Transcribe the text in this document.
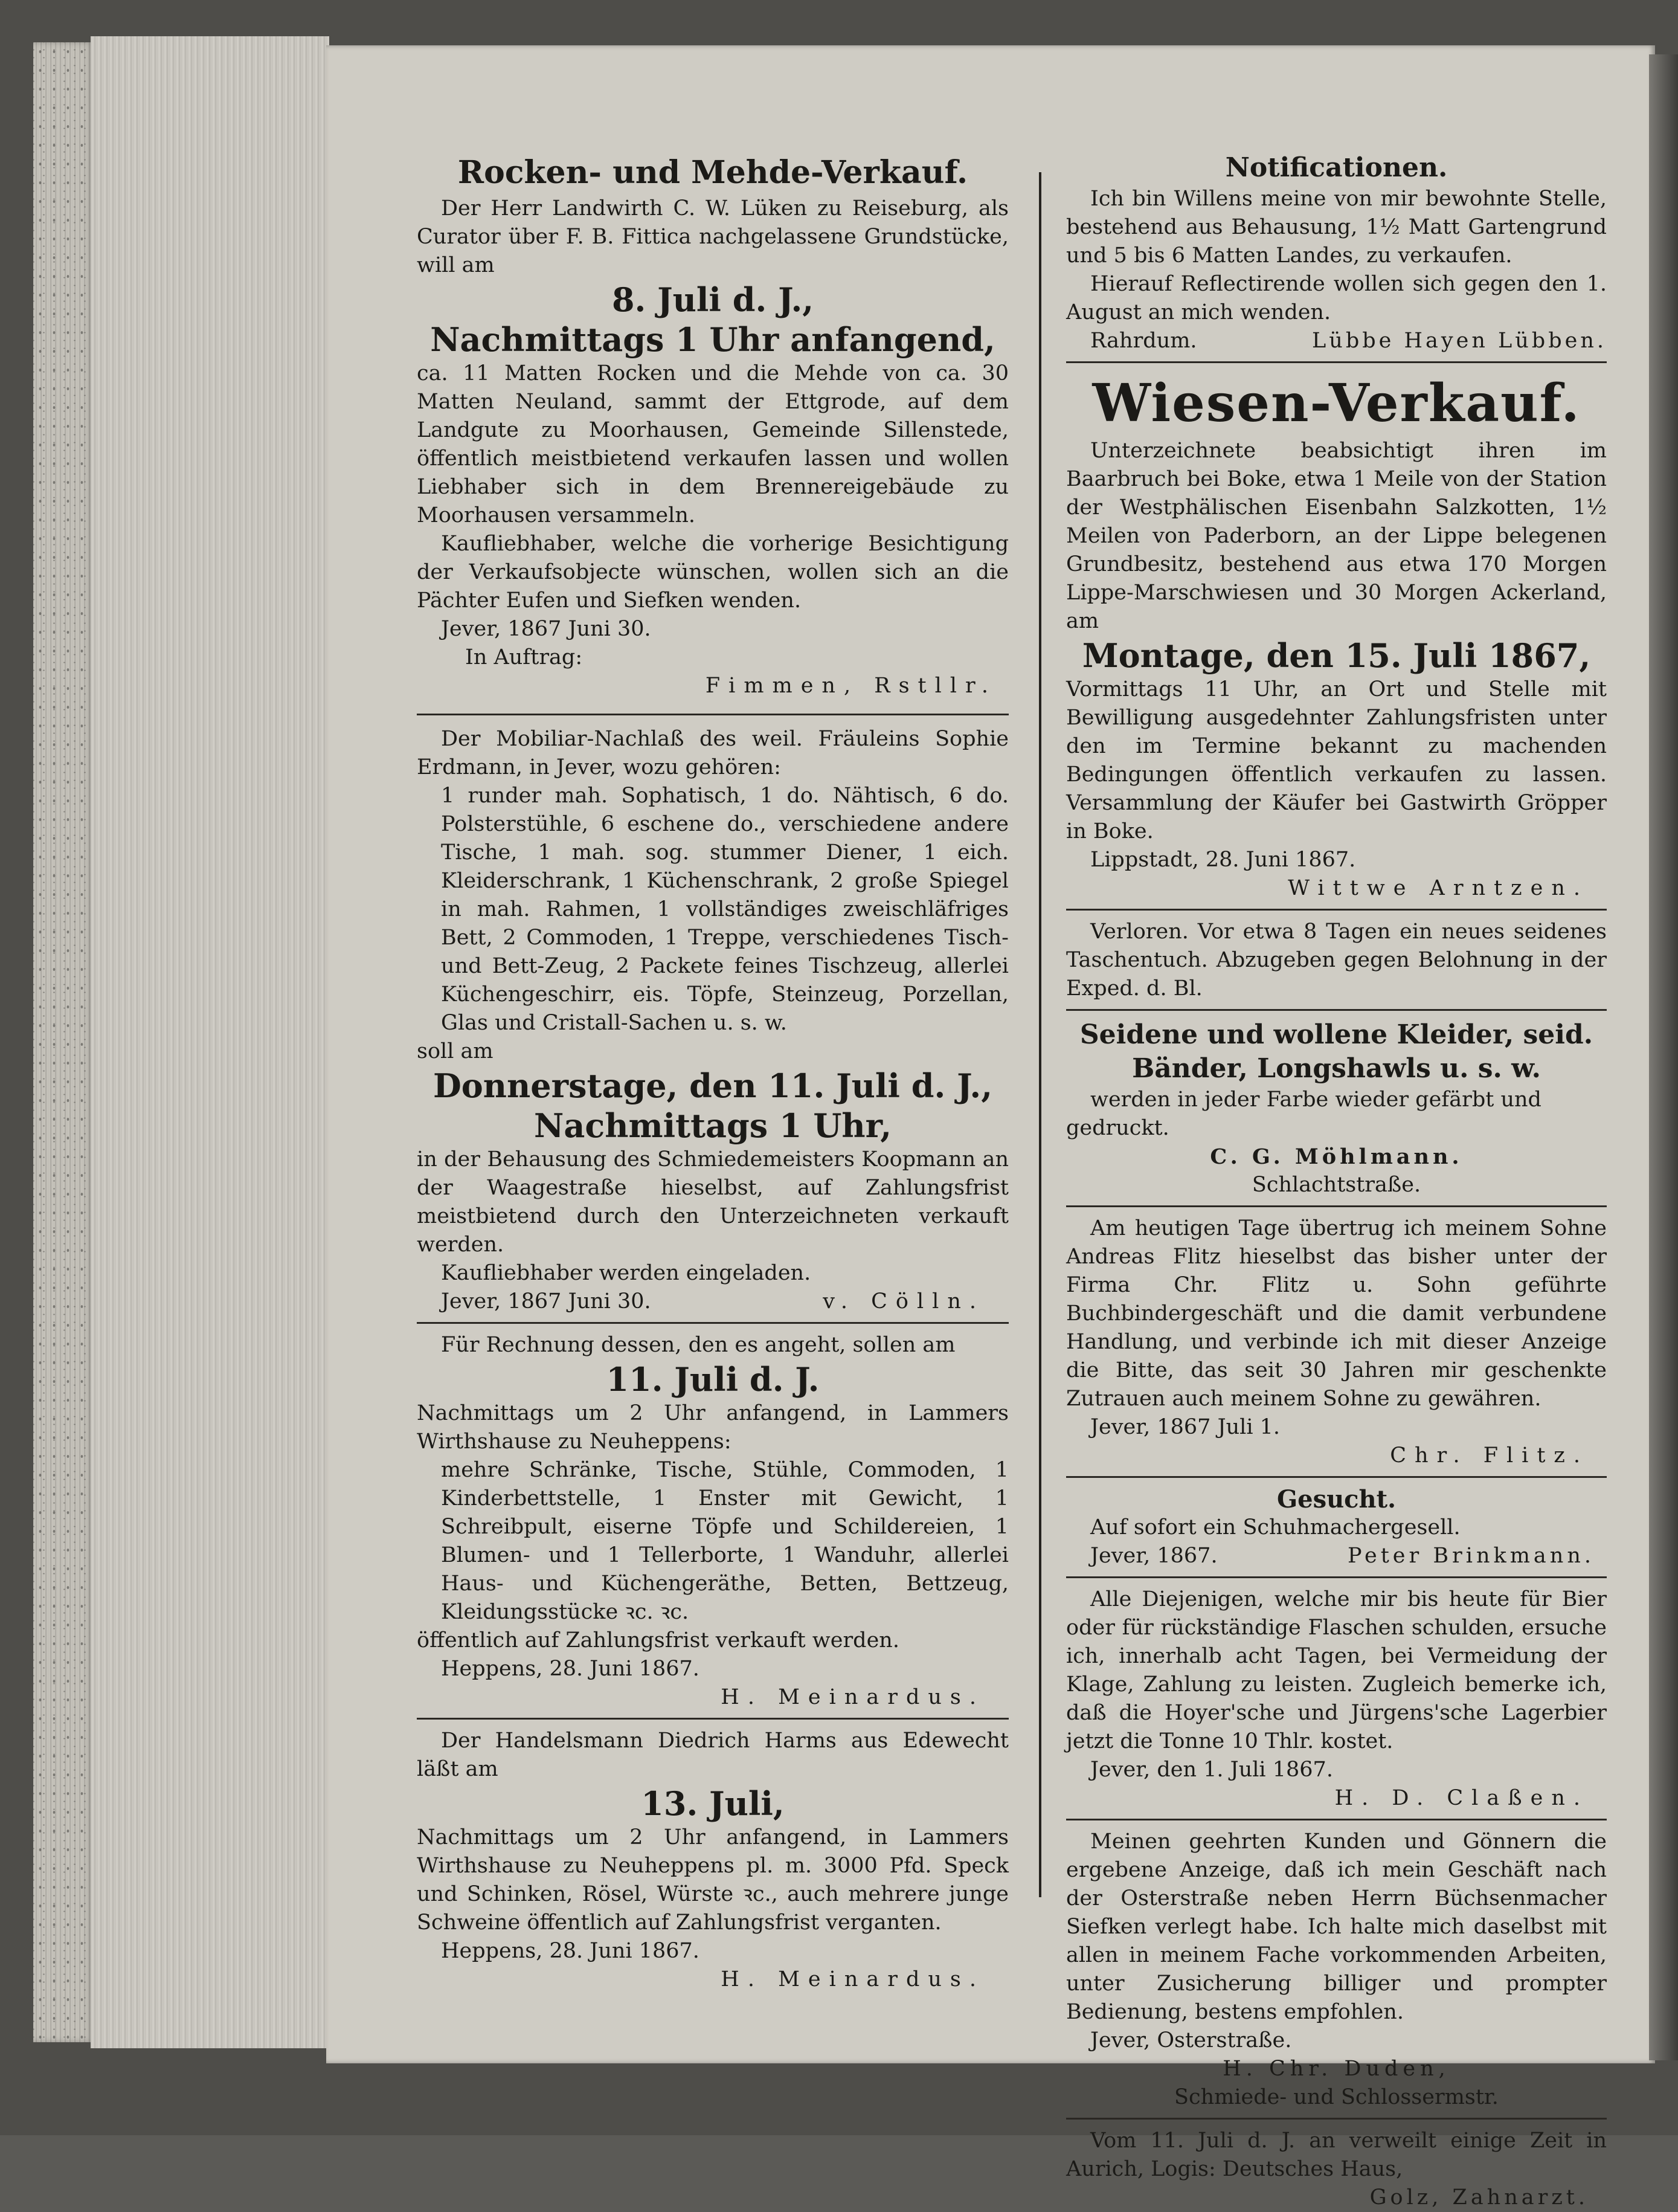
Rocken- und Mehde-Verkauf.

Der Herr Landwirth C. W. Lüken zu Reiseburg, als Curator über F. B. Fittica nachgelassene Grundstücke, will am

8. Juli d. J.,

Nachmittags 1 Uhr anfangend,

ca. 11 Matten Rocken und die Mehde von ca. 30 Matten Neuland, sammt der Ettgrode, auf dem Landgute zu Moorhausen, Gemeinde Sillenstede, öffentlich meistbietend verkaufen lassen und wollen Liebhaber sich in dem Brennereigebäude zu Moorhausen versammeln.

Kaufliebhaber, welche die vorherige Besichtigung der Verkaufsobjecte wünschen, wollen sich an die Pächter Eufen und Siefken wenden.

Jever, 1867 Juni 30.

In Auftrag:

Fimmen, Rstllr.

Der Mobiliar-Nachlaß des weil. Fräuleins Sophie Erdmann, in Jever, wozu gehören:

1 runder mah. Sophatisch, 1 do. Nähtisch, 6 do. Polsterstühle, 6 eschene do., verschiedene andere Tische, 1 mah. sog. stummer Diener, 1 eich. Kleiderschrank, 1 Küchenschrank, 2 große Spiegel in mah. Rahmen, 1 vollständiges zweischläfriges Bett, 2 Commoden, 1 Treppe, verschiedenes Tisch- und Bett-Zeug, 2 Packete feines Tischzeug, allerlei Küchengeschirr, eis. Töpfe, Steinzeug, Porzellan, Glas und Cristall-Sachen u. s. w.

soll am

Donnerstage, den 11. Juli d. J.,

Nachmittags 1 Uhr,

in der Behausung des Schmiedemeisters Koopmann an der Waagestraße hieselbst, auf Zahlungsfrist meistbietend durch den Unterzeichneten verkauft werden.

Kaufliebhaber werden eingeladen.

Jever, 1867 Juni 30.	v. Cölln.

Für Rechnung dessen, den es angeht, sollen am

11. Juli d. J.

Nachmittags um 2 Uhr anfangend, in Lammers Wirthshause zu Neuheppens:

mehre Schränke, Tische, Stühle, Commoden, 1 Kinderbettstelle, 1 Enster mit Gewicht, 1 Schreibpult, eiserne Töpfe und Schildereien, 1 Blumen- und 1 Tellerborte, 1 Wanduhr, allerlei Haus- und Küchengeräthe, Betten, Bettzeug, Kleidungsstücke ꝛc. ꝛc.

öffentlich auf Zahlungsfrist verkauft werden.

Heppens, 28. Juni 1867.

H. Meinardus.

Der Handelsmann Diedrich Harms aus Edewecht läßt am

13. Juli,

Nachmittags um 2 Uhr anfangend, in Lammers Wirthshause zu Neuheppens pl. m. 3000 Pfd. Speck und Schinken, Rösel, Würste ꝛc., auch mehrere junge Schweine öffentlich auf Zahlungsfrist verganten.

Heppens, 28. Juni 1867.

H. Meinardus.

Notificationen.

Ich bin Willens meine von mir bewohnte Stelle, bestehend aus Behausung, 1½ Matt Gartengrund und 5 bis 6 Matten Landes, zu verkaufen.

Hierauf Reflectirende wollen sich gegen den 1. August an mich wenden.

Rahrdum.	Lübbe Hayen Lübben.

Wiesen-Verkauf.

Unterzeichnete beabsichtigt ihren im Baarbruch bei Boke, etwa 1 Meile von der Station der Westphälischen Eisenbahn Salzkotten, 1½ Meilen von Paderborn, an der Lippe belegenen Grundbesitz, bestehend aus etwa 170 Morgen Lippe-Marschwiesen und 30 Morgen Ackerland, am

Montage, den 15. Juli 1867,

Vormittags 11 Uhr, an Ort und Stelle mit Bewilligung ausgedehnter Zahlungsfristen unter den im Termine bekannt zu machenden Bedingungen öffentlich verkaufen zu lassen. Versammlung der Käufer bei Gastwirth Gröpper in Boke.

Lippstadt, 28. Juni 1867.

Wittwe Arntzen.

Verloren. Vor etwa 8 Tagen ein neues seidenes Taschentuch. Abzugeben gegen Belohnung in der Exped. d. Bl.

Seidene und wollene Kleider, seid. Bänder, Longshawls u. s. w.

werden in jeder Farbe wieder gefärbt und gedruckt.

C. G. Möhlmann.

Schlachtstraße.

Am heutigen Tage übertrug ich meinem Sohne Andreas Flitz hieselbst das bisher unter der Firma Chr. Flitz u. Sohn geführte Buchbindergeschäft und die damit verbundene Handlung, und verbinde ich mit dieser Anzeige die Bitte, das seit 30 Jahren mir geschenkte Zutrauen auch meinem Sohne zu gewähren.

Jever, 1867 Juli 1.

Chr. Flitz.

Gesucht.

Auf sofort ein Schuhmachergesell.

Jever, 1867.	Peter Brinkmann.

Alle Diejenigen, welche mir bis heute für Bier oder für rückständige Flaschen schulden, ersuche ich, innerhalb acht Tagen, bei Vermeidung der Klage, Zahlung zu leisten. Zugleich bemerke ich, daß die Hoyer'sche und Jürgens'sche Lagerbier jetzt die Tonne 10 Thlr. kostet.

Jever, den 1. Juli 1867.

H. D. Claßen.

Meinen geehrten Kunden und Gönnern die ergebene Anzeige, daß ich mein Geschäft nach der Osterstraße neben Herrn Büchsenmacher Siefken verlegt habe. Ich halte mich daselbst mit allen in meinem Fache vorkommenden Arbeiten, unter Zusicherung billiger und prompter Bedienung, bestens empfohlen.

Jever, Osterstraße.

H. Chr. Duden,

Schmiede- und Schlossermstr.

Vom 11. Juli d. J. an verweilt einige Zeit in Aurich, Logis: Deutsches Haus,

Golz, Zahnarzt.
